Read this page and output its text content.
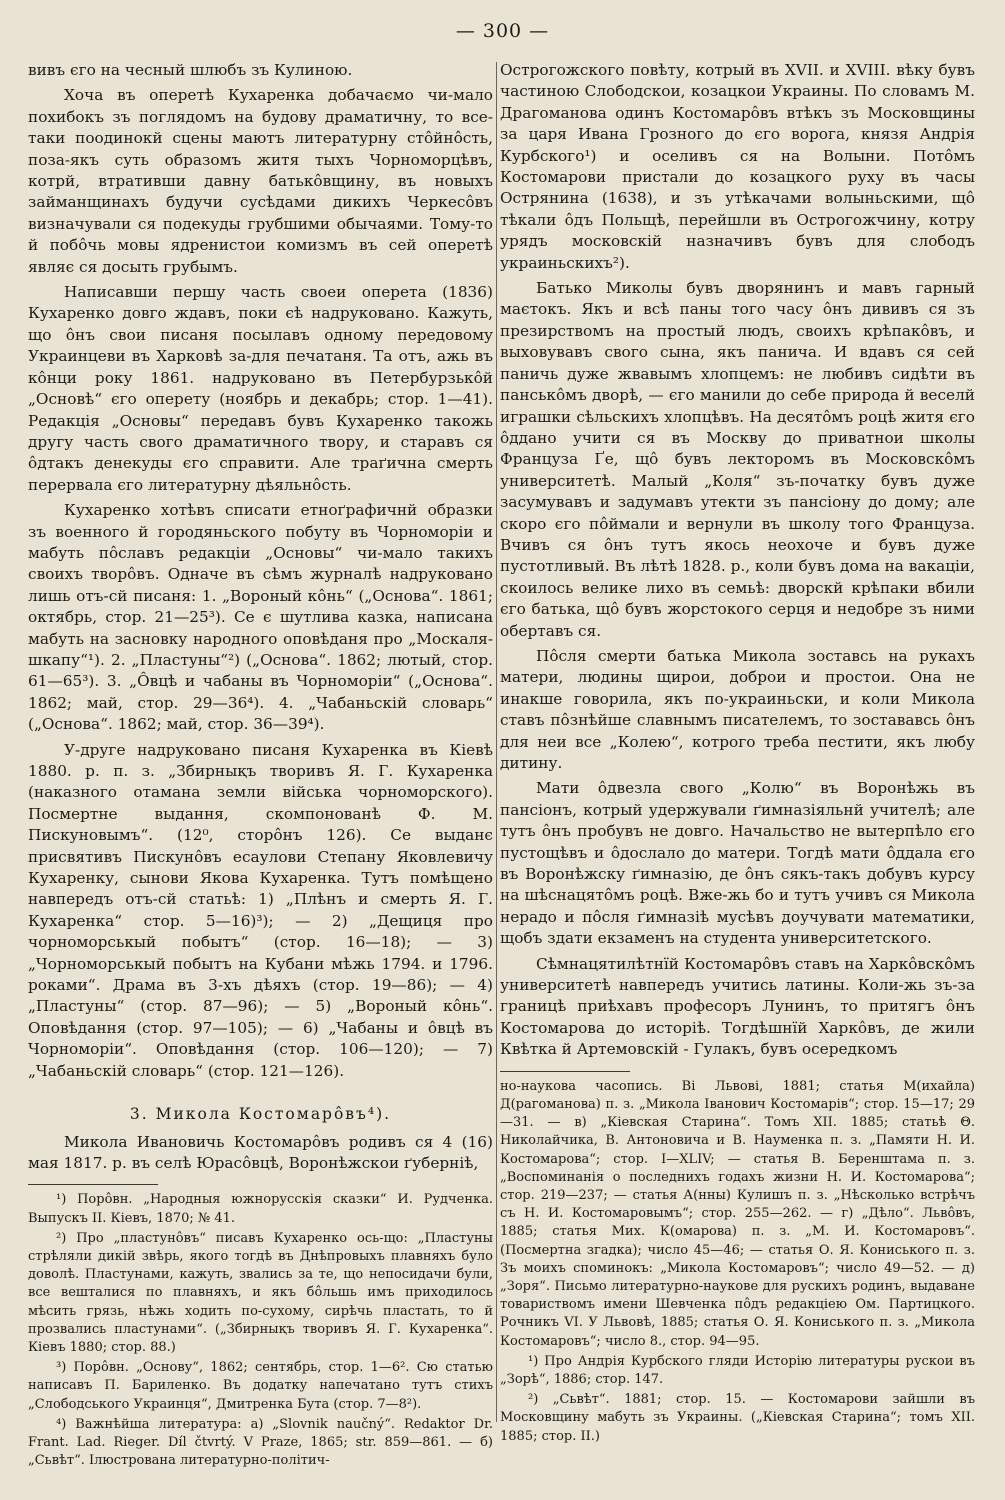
— 300 —

вивъ єго на чесный шлюбъ зъ Кулиною.

Хоча въ оперетѣ Кухаренка добачаємо чи-мало похибокъ зъ поглядомъ на будову драматичну, то все-таки поодинокй сцены маютъ литературну стôйнôсть, поза-якъ суть образомъ житя тыхъ Чорноморцѣвъ, котрй, втративши давну батькôвщину, въ новыхъ займанщинахъ будучи сусѣдами дикихъ Черкесôвъ визначували ся подекуды грубшими обычаями. Тому-то й побôчь мовы ядренистои комизмъ въ сей оперетѣ являє ся досыть грубымъ.

Написавши першу часть своеи оперета (1836) Кухаренко довго ждавъ, поки єѣ надруковано. Кажуть, що ôнъ свои писаня посылавъ одному передовому Украинцеви въ Харковѣ за-для печатаня. Та отъ, ажь въ кôнци року 1861. надруковано въ Петербурзькôй „Основѣ“ єго оперету (ноябрь и декабрь; стор. 1—41). Редакція „Основы“ передавъ бувъ Кухаренко такожь другу часть свого драматичного твору, и старавъ ся ôдтакъ денекуды єго справити. Але траґична смерть перервала єго литературну дѣяльнôсть.

Кухаренко хотѣвъ списати етноґрафичнй образки зъ военного й городяньского побуту въ Чорноморіи и мабуть пôславъ редакціи „Основы“ чи-мало такихъ своихъ творôвъ. Одначе въ сѣмъ журналѣ надруковано лишь отъ-сй писаня: 1. „Вороный кôнь“ („Основа“. 1861; октябрь, стор. 21—25³). Се є шутлива казка, написана мабуть на засновку народного оповѣданя про „Москаля-шкапу“¹). 2. „Пластуны“²) („Основа“. 1862; лютый, стор. 61—65³). 3. „Ôвцѣ и чабаны въ Чорноморіи“ („Основа“. 1862; май, стор. 29—36⁴). 4. „Чабаньскій словарь“ („Основа“. 1862; май, стор. 36—39⁴).

У-друге надруковано писаня Кухаренка въ Кіевѣ 1880. р. п. з. „Збирнықъ творивъ Я. Г. Кухаренка (наказного отамана земли війська чорноморского). Посмертне выдання, скомпонованѣ Ф. М. Пискуновымъ“. (12⁰, сторôнъ 126). Се выданє присвятивъ Пискунôвъ есаулови Степану Яковлевичу Кухаренку, сынови Якова Кухаренка. Тутъ помѣщено навпередъ отъ-сй статьѣ: 1) „Плѣнъ и смерть Я. Г. Кухаренка“ стор. 5—16)³); — 2) „Дещиця про чорноморськый побытъ“ (стор. 16—18); — 3) „Чорноморськый побытъ на Кубани мѣжь 1794. и 1796. роками“. Драма въ 3-хъ дѣяхъ (стор. 19—86); — 4) „Пластуны“ (стор. 87—96); — 5) „Вороный кôнь“. Оповѣдання (стор. 97—105); — 6) „Чабаны и ôвцѣ въ Чорноморіи“. Оповѣдання (стор. 106—120); — 7) „Чабаньскій словарь“ (стор. 121—126).

3. Микола Костомарôвъ⁴).

Микола Ивановичь Костомарôвъ родивъ ся 4 (16) мая 1817. р. въ селѣ Юрасôвцѣ, Воронѣжскои ґуберніѣ,

¹) Порôвн. „Народныя южнорусскія сказки“ И. Рудченка. Выпускъ II. Кіевъ, 1870; № 41.

²) Про „пластунôвъ“ писавъ Кухаренко ось-що: „Пластуны стрѣляли дикій звѣрь, якого тогдѣ въ Днѣпровыхъ плавняхъ було доволѣ. Пластунами, кажуть, звались за те, що непосидачи були, все вешталися по плавняхъ, и якъ бôльшь имъ приходилось мѣсить грязь, нѣжь ходить по-сухому, сирѣчь пластать, то й прозвались пластунами“. („Збирнықъ творивъ Я. Г. Кухаренка“. Кіевъ 1880; стор. 88.)

³) Порôвн. „Основу“, 1862; сентябрь, стор. 1—6². Сю статью написавъ П. Бариленко. Въ додатку напечатано тутъ стихъ „Слободського Украинця“, Дмитренка Бута (стор. 7—8²).

⁴) Важнѣйша литература: а) „Slovnik naučný“. Redaktor Dr. Frant. Lad. Rieger. Díl čtvrtý. V Praze, 1865; str. 859—861. — б) „Сьвѣт“. Ілюстрована литературно-політич-

Острогожского повѣту, котрый въ XVII. и XVIII. вѣку бувъ частиною Слободскои, козацкои Украины. По словамъ М. Драгоманова одинъ Костомарôвъ втѣкъ зъ Московщины за царя Ивана Грозного до єго ворога, князя Андрія Курбского¹) и оселивъ ся на Волыни. Потôмъ Костомарови пристали до козацкого руху въ часы Острянина (1638), и зъ утѣкачами волыньскими, щô тѣкали ôдъ Польщѣ, перейшли въ Острогожчину, котру урядъ московскій назначивъ бувъ для слободъ украиньскихъ²).

Батько Миколы бувъ дворянинъ и мавъ гарный маєтокъ. Якъ и всѣ паны того часу ôнъ дививъ ся зъ презирствомъ на простый людъ, своихъ крѣпакôвъ, и выховувавъ свого сына, якъ панича. И вдавъ ся сей паничь дуже жвавымъ хлопцемъ: не любивъ сидѣти въ панськôмъ дворѣ, — єго манили до себе природа й веселй играшки сѣльскихъ хлопцѣвъ. На десятôмъ роцѣ житя єго ôддано учити ся въ Москву до приватнои школы Француза Ґе, щô бувъ лекторомъ въ Московскôмъ университетѣ. Малый „Коля“ зъ-початку бувъ дуже засумувавъ и задумавъ утекти зъ пансіону до дому; але скоро єго пôймали и вернули въ школу того Француза. Вчивъ ся ôнъ тутъ якось неохоче и бувъ дуже пустотливый. Въ лѣтѣ 1828. р., коли бувъ дома на вакаціи, скоилось велике лихо въ семьѣ: дворскй крѣпаки вбили єго батька, щô бувъ жорстокого серця и недобре зъ ними обертавъ ся.

Пôсля смерти батька Микола зоставсь на рукахъ матери, людины щирои, доброи и простои. Она не инакше говорила, якъ по-украиньски, и коли Микола ставъ пôзнѣйше славнымъ писателемъ, то зостававсь ôнъ для неи все „Колею“, котрого треба пестити, якъ любу дитину.

Мати ôдвезла свого „Колю“ въ Воронѣжь въ пансіонъ, котрый удержували ґимназіяльнй учителѣ; але тутъ ôнъ пробувъ не довго. Начальство не вытерпѣло єго пустощѣвъ и ôдослало до матери. Тогдѣ мати ôддала єго въ Воронѣжску ґимназію, де ôнъ сякъ-такъ добувъ курсу на шѣснацятôмъ роцѣ. Вже-жь бо и тутъ учивъ ся Микола нерадо и пôсля ґимназіѣ мусѣвъ доучувати математики, щобъ здати екзаменъ на студента университетского.

Сѣмнацятилѣтнїй Костомарôвъ ставъ на Харкôвскôмъ университетѣ навпередъ учитись латины. Коли-жь зъ-за границѣ приѣхавъ професоръ Лунинъ, то притягъ ôнъ Костомарова до исторіѣ. Тогдѣшнїй Харкôвъ, де жили Квѣтка й Артемовскій - Гулакъ, бувъ осередкомъ

но-наукова часопись. Ві Львові, 1881; статья М(ихайла) Д(рагоманова) п. з. „Микола Іванович Костомарів“; стор. 15—17; 29—31. — в) „Кіевская Старина“. Томъ XII. 1885; статьѣ Θ. Николайчика, В. Антоновича и В. Науменка п. з. „Памяти Н. И. Костомарова“; стор. I—XLIV; — статья В. Беренштама п. з. „Воспоминанія о последнихъ годахъ жизни Н. И. Костомарова“; стор. 219—237; — статья А(нны) Кулишъ п. з. „Нѣсколько встрѣчъ съ Н. И. Костомаровымъ“; стор. 255—262. — г) „Дѣло“. Львôвъ, 1885; статья Мих. К(омарова) п. з. „М. И. Костомаровъ“. (Посмертна згадка); число 45—46; — статья О. Я. Кониського п. з. Зъ моихъ споминокъ: „Микола Костомаровъ“; число 49—52. — д) „Зоря“. Письмо литературно-наукове для рускихъ родинъ, выдаване товариствомъ имени Шевченка пôдъ редакціею Ом. Партицкого. Рочникъ VI. У Львовѣ, 1885; статья О. Я. Кониського п. з. „Микола Костомаровъ“; число 8., стор. 94—95.

¹) Про Андрія Курбского гляди Исторію литературы рускои въ „Зорѣ“, 1886; стор. 147.

²) „Сьвѣт“. 1881; стор. 15. — Костомарови зайшли въ Московщину мабуть зъ Украины. („Кіевская Старина“; томъ XII. 1885; стор. II.)
